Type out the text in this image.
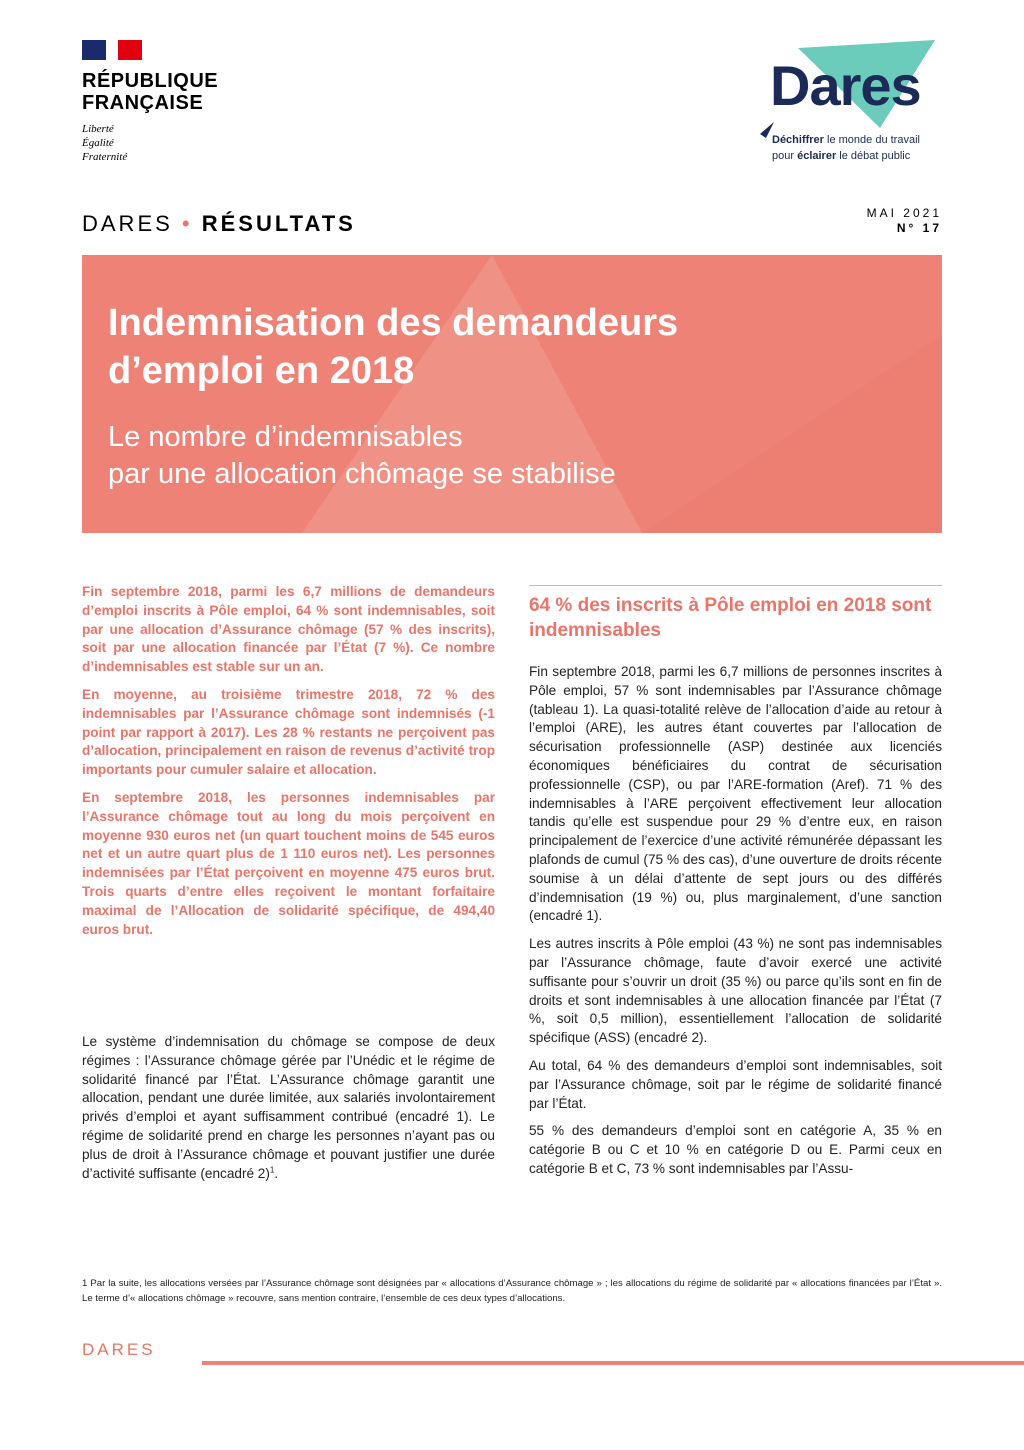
RÉPUBLIQUE
FRANÇAISE
Liberté
Égalité
Fraternité
Dares
Déchiffrer le monde du travail
pour éclairer le débat public
DARES • RÉSULTATS	MAI 2021
N° 17
Indemnisation des demandeurs
d’emploi en 2018
Le nombre d’indemnisables
par une allocation chômage se stabilise

Fin septembre 2018, parmi les 6,7 millions de demandeurs d’emploi inscrits à Pôle emploi, 64 % sont indemnisables, soit par une allocation d’Assurance chômage (57 % des inscrits), soit par une allocation financée par l’État (7 %). Ce nombre d’indemnisables est stable sur un an.

En moyenne, au troisième trimestre 2018, 72 % des indemnisables par l’Assurance chômage sont indemnisés (-1 point par rapport à 2017). Les 28 % restants ne perçoivent pas d’allocation, principalement en raison de revenus d’activité trop importants pour cumuler salaire et allocation.

En septembre 2018, les personnes indemnisables par l’Assurance chômage tout au long du mois perçoivent en moyenne 930 euros net (un quart touchent moins de 545 euros net et un autre quart plus de 1 110 euros net). Les personnes indemnisées par l’État perçoivent en moyenne 475 euros brut. Trois quarts d’entre elles reçoivent le montant forfaitaire maximal de l’Allocation de solidarité spécifique, de 494,40 euros brut.

Le système d’indemnisation du chômage se compose de deux régimes : l’Assurance chômage gérée par l’Unédic et le régime de solidarité financé par l’État. L’Assurance chômage garantit une allocation, pendant une durée limitée, aux salariés involontairement privés d’emploi et ayant suffisamment contribué (encadré 1). Le régime de solidarité prend en charge les personnes n’ayant pas ou plus de droit à l’Assurance chômage et pouvant justifier une durée d’activité suffisante (encadré 2)$^1$.
64 % des inscrits à Pôle emploi en 2018 sont indemnisables

Fin septembre 2018, parmi les 6,7 millions de personnes inscrites à Pôle emploi, 57 % sont indemnisables par l’Assurance chômage (tableau 1). La quasi-totalité relève de l’allocation d’aide au retour à l’emploi (ARE), les autres étant couvertes par l’allocation de sécurisation professionnelle (ASP) destinée aux licenciés économiques bénéficiaires du contrat de sécurisation professionnelle (CSP), ou par l’ARE-formation (Aref). 71 % des indemnisables à l’ARE perçoivent effectivement leur allocation tandis qu’elle est suspendue pour 29 % d’entre eux, en raison principalement de l’exercice d’une activité rémunérée dépassant les plafonds de cumul (75 % des cas), d’une ouverture de droits récente soumise à un délai d’attente de sept jours ou des différés d’indemnisation (19 %) ou, plus marginalement, d’une sanction (encadré 1).

Les autres inscrits à Pôle emploi (43 %) ne sont pas indemnisables par l’Assurance chômage, faute d’avoir exercé une activité suffisante pour s’ouvrir un droit (35 %) ou parce qu’ils sont en fin de droits et sont indemnisables à une allocation financée par l’État (7 %, soit 0,5 million), essentiellement l’allocation de solidarité spécifique (ASS) (encadré 2).

Au total, 64 % des demandeurs d’emploi sont indemnisables, soit par l’Assurance chômage, soit par le régime de solidarité financé par l’État.

55 % des demandeurs d’emploi sont en catégorie A, 35 % en catégorie B ou C et 10 % en catégorie D ou E. Parmi ceux en catégorie B et C, 73 % sont indemnisables par l’Assu-

1 Par la suite, les allocations versées par l’Assurance chômage sont désignées par « allocations d’Assurance chômage » ; les allocations du régime de solidarité par « allocations financées par l’État ». Le terme d’« allocations chômage » recouvre, sans mention contraire, l’ensemble de ces deux types d’allocations.
DARES
